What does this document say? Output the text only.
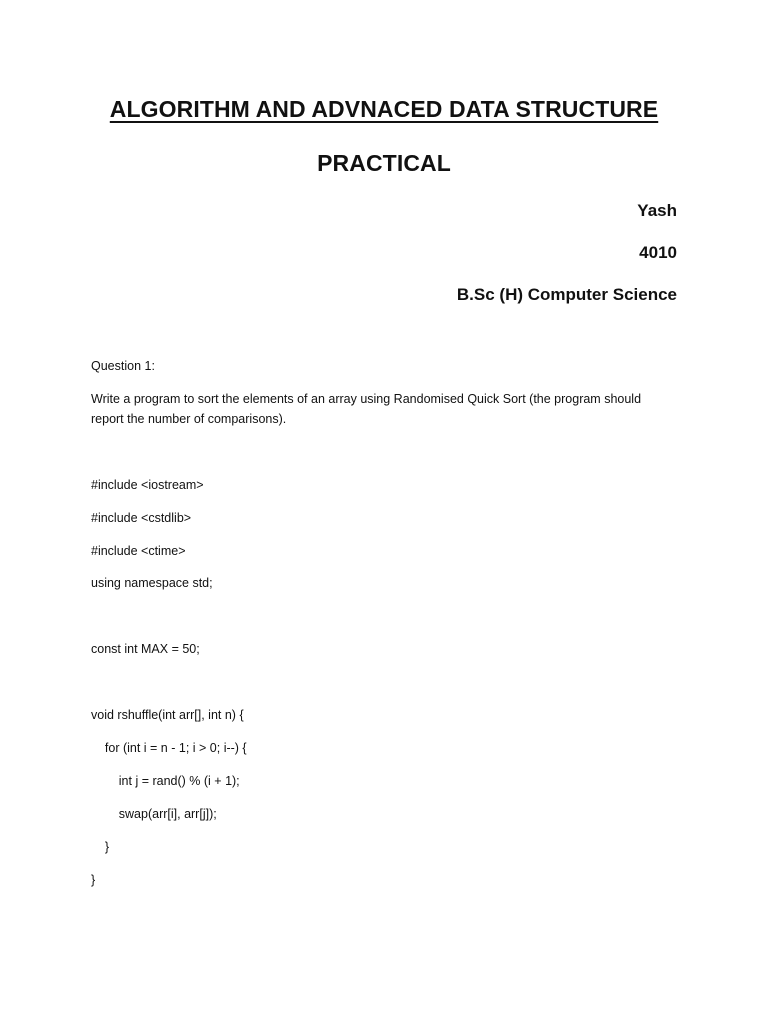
ALGORITHM AND ADVNACED DATA STRUCTURE
PRACTICAL
Yash
4010
B.Sc (H) Computer Science
Question 1:
Write a program to sort the elements of an array using Randomised Quick Sort (the program should report the number of comparisons).
#include <iostream>
#include <cstdlib>
#include <ctime>
using namespace std;
const int MAX = 50;
void rshuffle(int arr[], int n) {
for (int i = n - 1; i > 0; i--) {
int j = rand() % (i + 1);
swap(arr[i], arr[j]);
}
}
